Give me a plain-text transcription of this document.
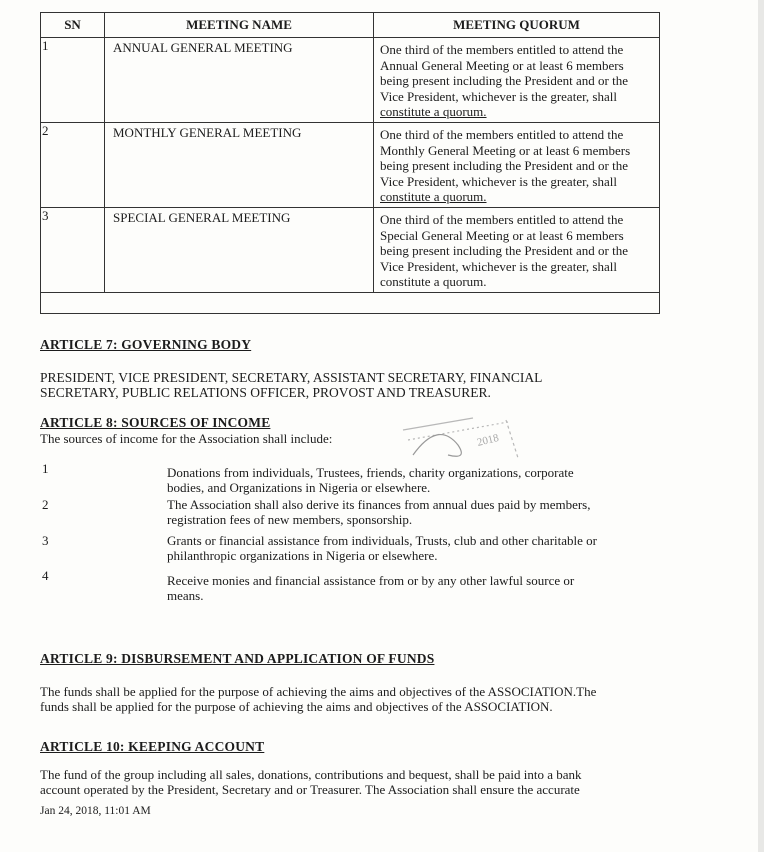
SN	MEETING NAME	MEETING QUORUM
1	ANNUAL GENERAL MEETING	One third of the members entitled to attend the
Annual General Meeting or at least 6 members
being present including the President and or the
Vice President, whichever is the greater, shall
constitute a quorum.

2	MONTHLY GENERAL MEETING	One third of the members entitled to attend the
Monthly General Meeting or at least 6 members
being present including the President and or the
Vice President, whichever is the greater, shall
constitute a quorum.

3	SPECIAL GENERAL MEETING	One third of the members entitled to attend the
Special General Meeting or at least 6 members
being present including the President and or the
Vice President, whichever is the greater, shall
constitute a quorum.

ARTICLE 7: GOVERNING BODY
PRESIDENT, VICE PRESIDENT, SECRETARY, ASSISTANT SECRETARY, FINANCIAL
SECRETARY, PUBLIC RELATIONS OFFICER, PROVOST AND TREASURER.
ARTICLE 8: SOURCES OF INCOME
The sources of income for the Association shall include:
1	Donations from individuals, Trustees, friends, charity organizations, corporate
bodies, and Organizations in Nigeria or elsewhere.
2	The Association shall also derive its finances from annual dues paid by members,
registration fees of new members, sponsorship.
3	Grants or financial assistance from individuals, Trusts, club and other charitable or
philanthropic organizations in Nigeria or elsewhere.
4	Receive monies and financial assistance from or by any other lawful source or
means.
ARTICLE 9: DISBURSEMENT AND APPLICATION OF FUNDS
The funds shall be applied for the purpose of achieving the aims and objectives of the ASSOCIATION.The
funds shall be applied for the purpose of achieving the aims and objectives of the ASSOCIATION.
ARTICLE 10: KEEPING ACCOUNT
The fund of the group including all sales, donations, contributions and bequest, shall be paid into a bank
account operated by the President, Secretary and or Treasurer. The Association shall ensure the accurate
Jan 24, 2018, 11:01 AM
2018
